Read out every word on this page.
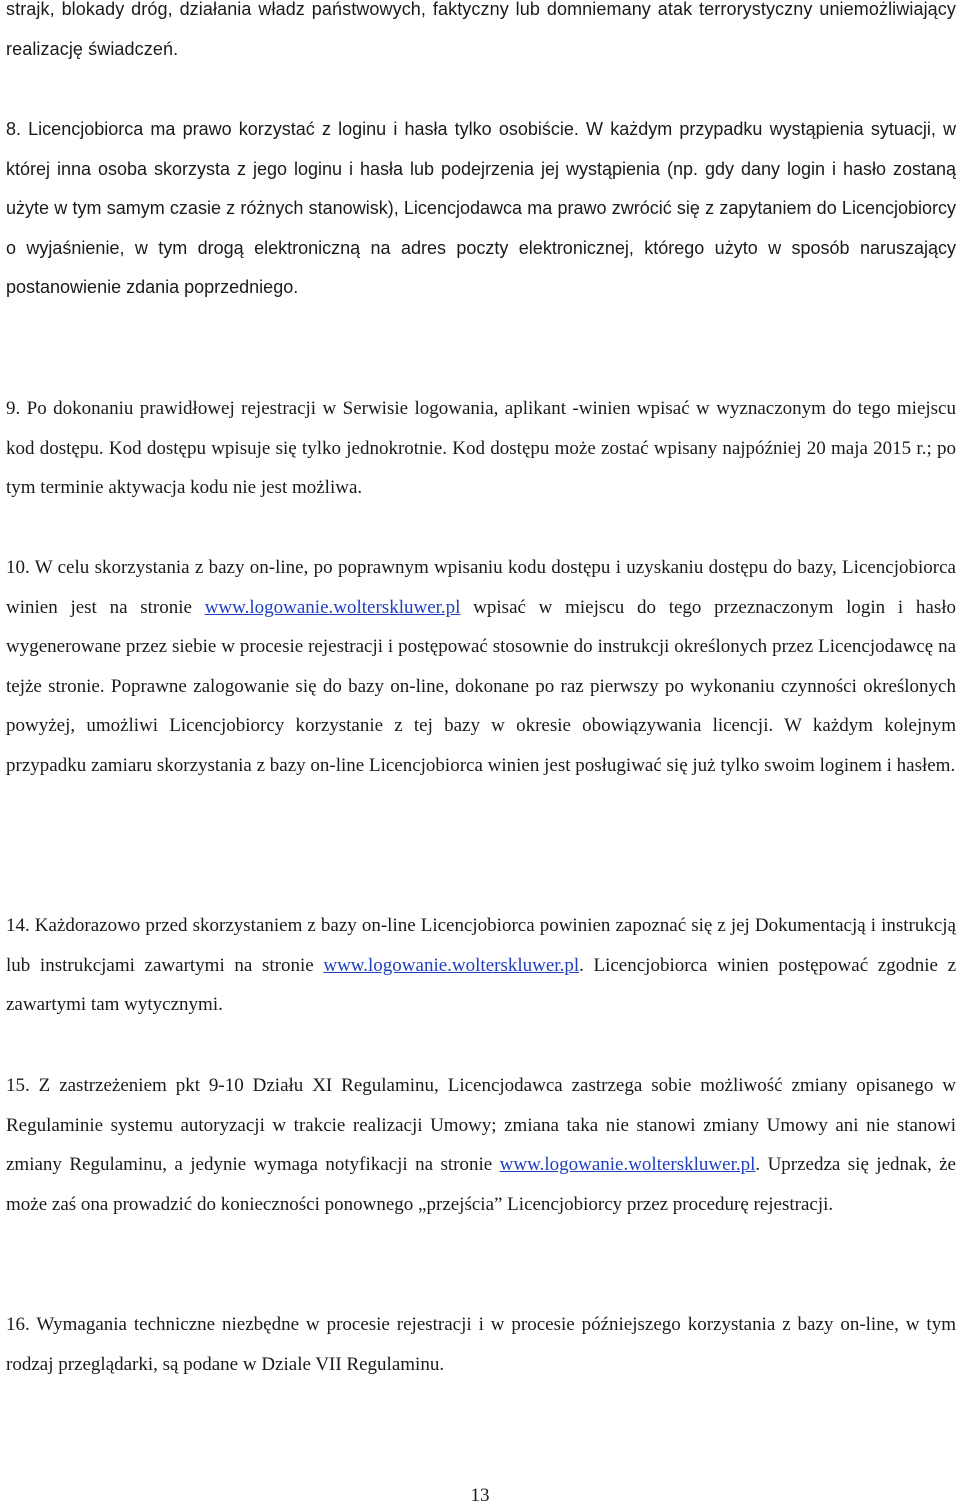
strajk, blokady dróg, działania władz państwowych, faktyczny lub domniemany atak terrorystyczny uniemożliwiający realizację świadczeń.

8. Licencjobiorca ma prawo korzystać z loginu i hasła tylko osobiście. W każdym przypadku wystąpienia sytuacji, w której inna osoba skorzysta z jego loginu i hasła lub podejrzenia jej wystąpienia (np. gdy dany login i hasło zostaną użyte w tym samym czasie z różnych stanowisk), Licencjodawca ma prawo zwrócić się z zapytaniem do Licencjobiorcy o wyjaśnienie, w tym drogą elektroniczną na adres poczty elektronicznej, którego użyto w sposób naruszający postanowienie zdania poprzedniego.

9. Po dokonaniu prawidłowej rejestracji w Serwisie logowania, aplikant -winien wpisać w wyznaczonym do tego miejscu kod dostępu. Kod dostępu wpisuje się tylko jednokrotnie. Kod dostępu może zostać wpisany najpóźniej 20 maja 2015 r.; po tym terminie aktywacja kodu nie jest możliwa.

10. W celu skorzystania z bazy on-line, po poprawnym wpisaniu kodu dostępu i uzyskaniu dostępu do bazy, Licencjobiorca winien jest na stronie www.logowanie.wolterskluwer.pl wpisać w miejscu do tego przeznaczonym login i hasło wygenerowane przez siebie w procesie rejestracji i postępować stosownie do instrukcji określonych przez Licencjodawcę na tejże stronie. Poprawne zalogowanie się do bazy on-line, dokonane po raz pierwszy po wykonaniu czynności określonych powyżej, umożliwi Licencjobiorcy korzystanie z tej bazy w okresie obowiązywania licencji. W każdym kolejnym przypadku zamiaru skorzystania z bazy on-line Licencjobiorca winien jest posługiwać się już tylko swoim loginem i hasłem.

14. Każdorazowo przed skorzystaniem z bazy on-line Licencjobiorca powinien zapoznać się z jej Dokumentacją i instrukcją lub instrukcjami zawartymi na stronie www.logowanie.wolterskluwer.pl. Licencjobiorca winien postępować zgodnie z zawartymi tam wytycznymi.

15. Z zastrzeżeniem pkt 9-10 Działu XI Regulaminu, Licencjodawca zastrzega sobie możliwość zmiany opisanego w Regulaminie systemu autoryzacji w trakcie realizacji Umowy; zmiana taka nie stanowi zmiany Umowy ani nie stanowi zmiany Regulaminu, a jedynie wymaga notyfikacji na stronie www.logowanie.wolterskluwer.pl. Uprzedza się jednak, że może zaś ona prowadzić do konieczności ponownego „przejścia” Licencjobiorcy przez procedurę rejestracji.

16. Wymagania techniczne niezbędne w procesie rejestracji i w procesie późniejszego korzystania z bazy on-line, w tym rodzaj przeglądarki, są podane w Dziale VII Regulaminu.

13
